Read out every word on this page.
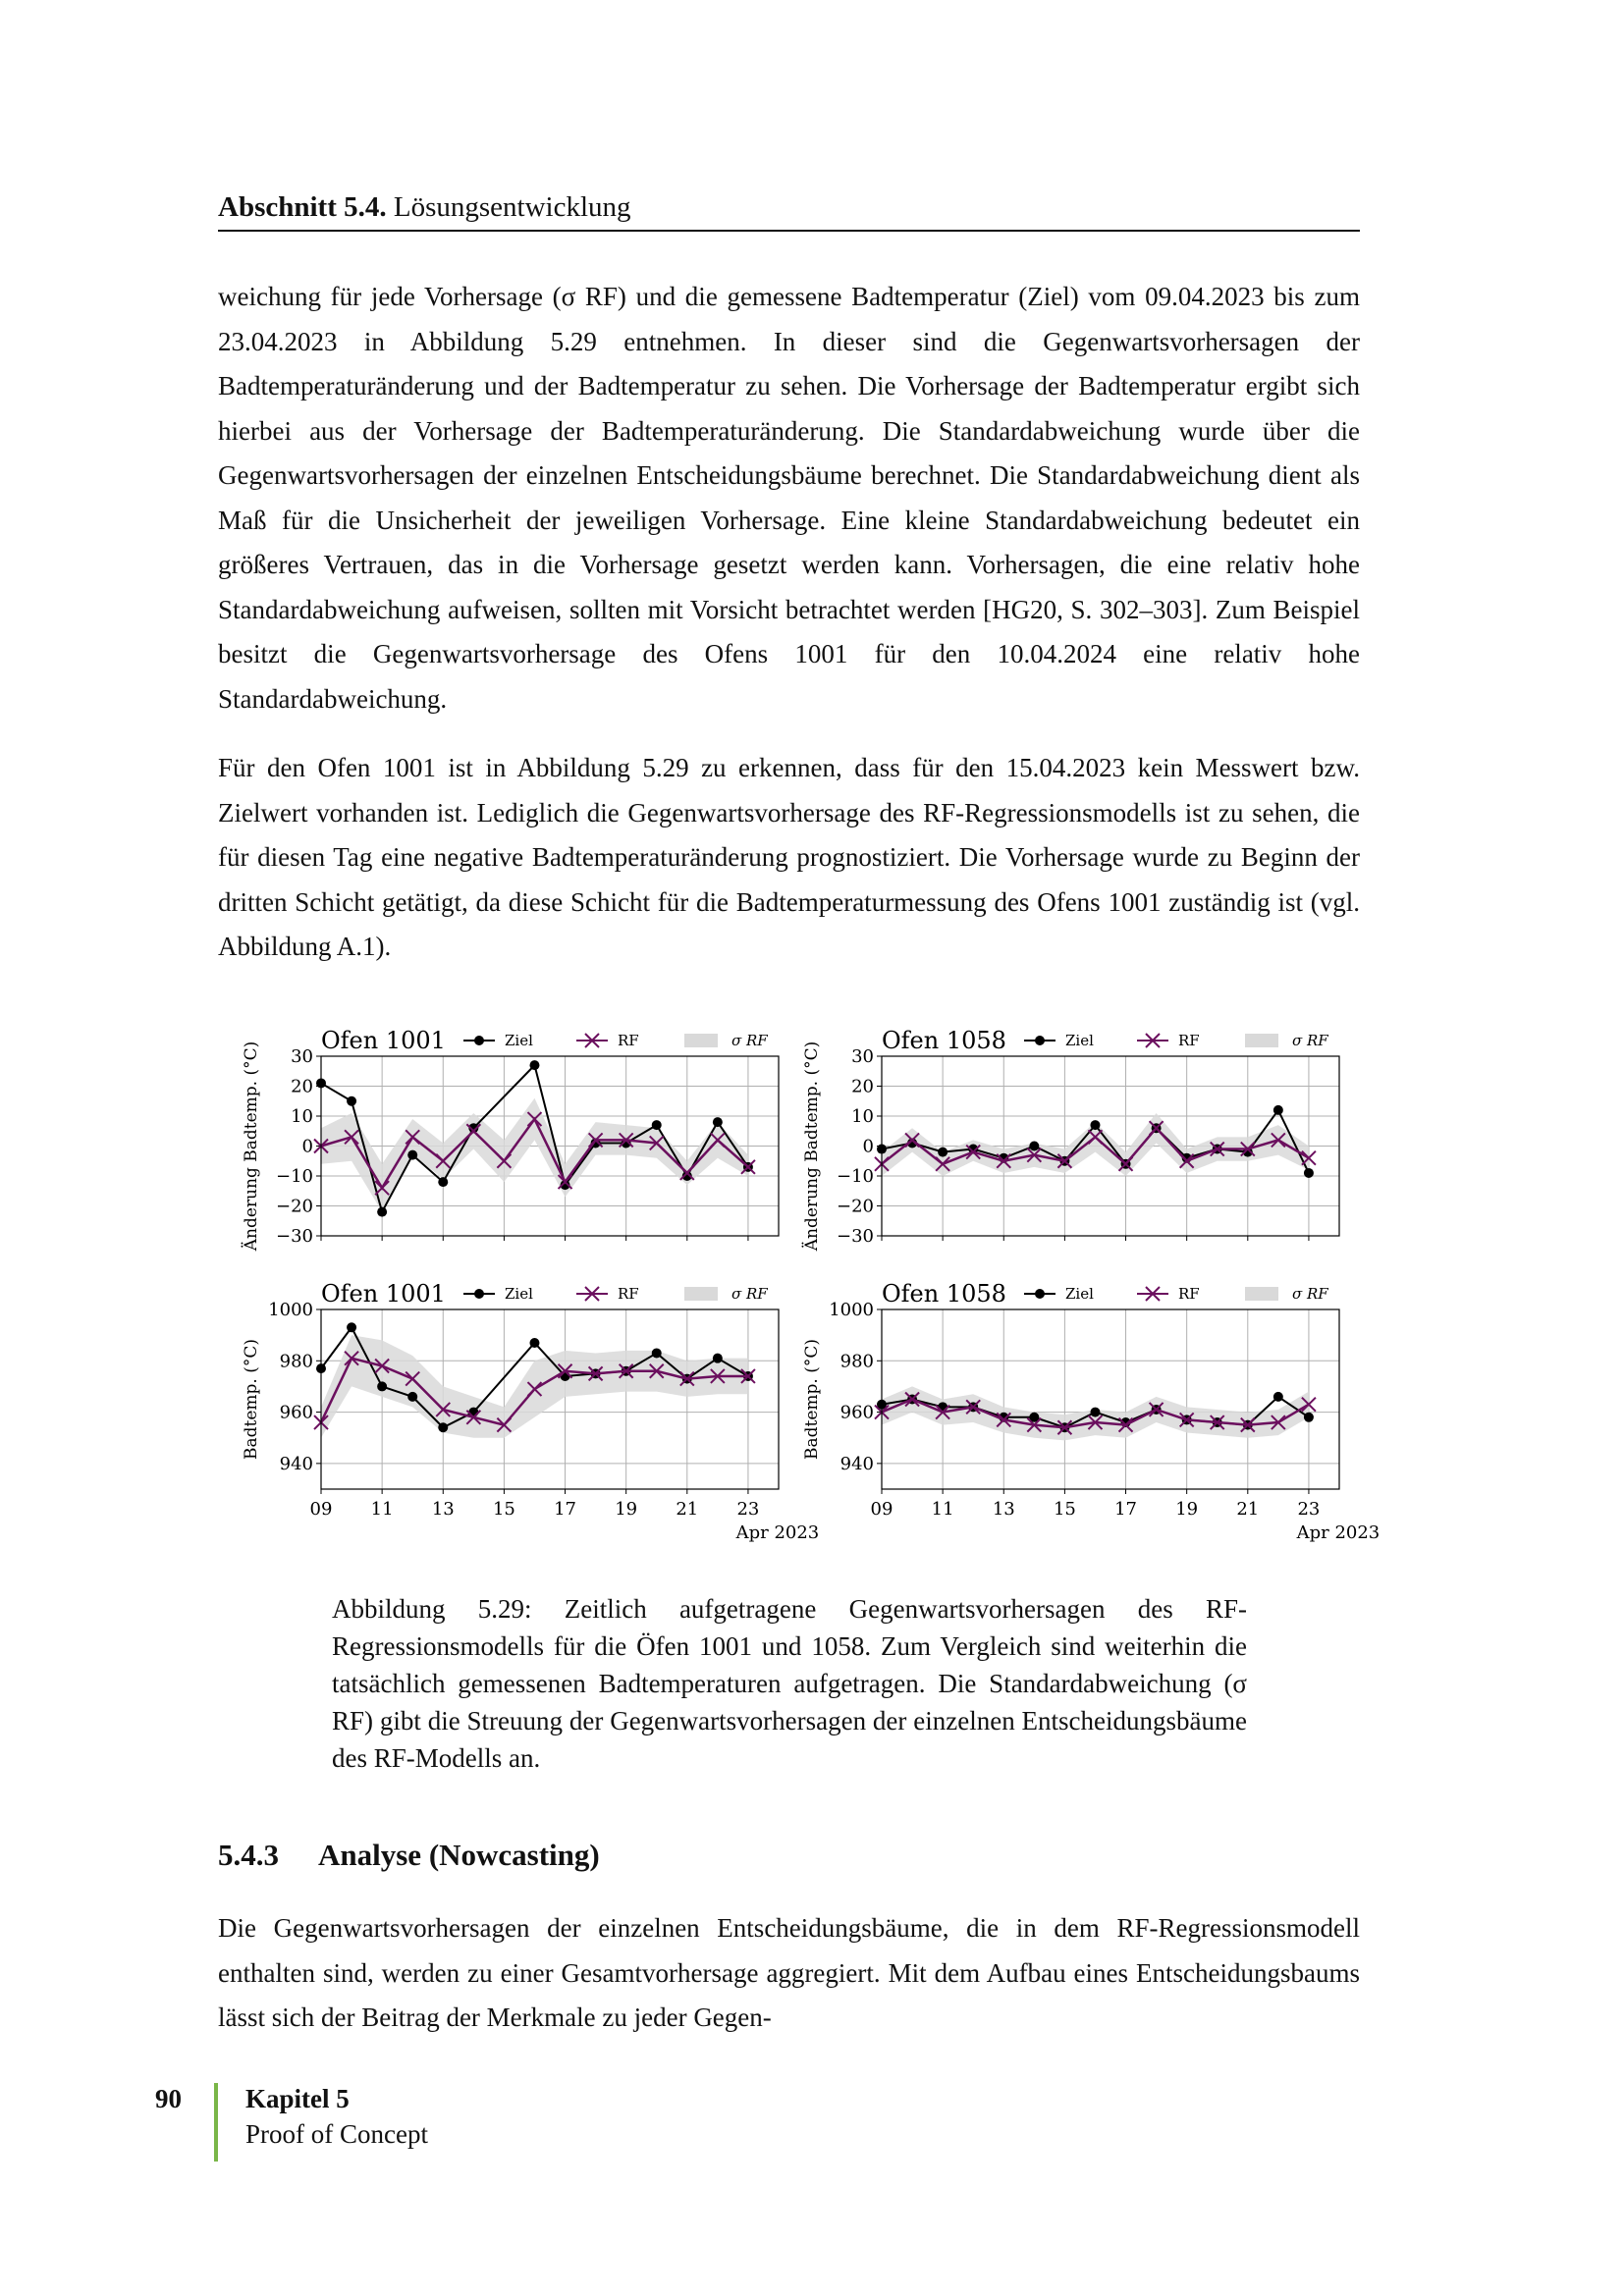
Abschnitt 5.4. Lösungsentwicklung

weichung für jede Vorhersage (σ RF) und die gemessene Badtemperatur (Ziel) vom 09.04.2023 bis zum 23.04.2023 in Abbildung 5.29 entnehmen. In dieser sind die Gegenwartsvorhersagen der Badtemperaturänderung und der Badtemperatur zu sehen. Die Vorhersage der Badtemperatur ergibt sich hierbei aus der Vorhersage der Badtemperaturänderung. Die Standardabweichung wurde über die Gegenwartsvorhersagen der einzelnen Entscheidungsbäume berechnet. Die Standardabweichung dient als Maß für die Unsicherheit der jeweiligen Vorhersage. Eine kleine Standardabweichung bedeutet ein größeres Vertrauen, das in die Vorhersage gesetzt werden kann. Vorhersagen, die eine relativ hohe Standardabweichung aufweisen, sollten mit Vorsicht betrachtet werden [HG20, S. 302–303]. Zum Beispiel besitzt die Gegenwartsvorhersage des Ofens 1001 für den 10.04.2024 eine relativ hohe Standardabweichung.

Für den Ofen 1001 ist in Abbildung 5.29 zu erkennen, dass für den 15.04.2023 kein Messwert bzw. Zielwert vorhanden ist. Lediglich die Gegenwartsvorhersage des RF-Regressionsmodells ist zu sehen, die für diesen Tag eine negative Badtemperaturänderung prognostiziert. Die Vorhersage wurde zu Beginn der dritten Schicht getätigt, da diese Schicht für die Badtemperaturmessung des Ofens 1001 zuständig ist (vgl. Abbildung A.1).

30
20
10
0
−10
−20
−30
Änderung Badtemp. (°C)
Ofen 1001	Ziel	RF	σ RF
30
20
10
0
−10
−20
−30
Änderung Badtemp. (°C)
Ofen 1058	Ziel	RF	σ RF
1000
980
960
940
09 11 13 15 17 19 21 23
Apr 2023
Badtemp. (°C)
Ofen 1001	Ziel	RF	σ RF
1000
980
960
940
09 11 13 15 17 19 21 23
Apr 2023
Badtemp. (°C)
Ofen 1058	Ziel	RF	σ RF

Abbildung 5.29: Zeitlich aufgetragene Gegenwartsvorhersagen des RF-Regressionsmodells für die Öfen 1001 und 1058. Zum Vergleich sind weiterhin die tatsächlich gemessenen Badtemperaturen aufgetragen. Die Standardabweichung (σ RF) gibt die Streuung der Gegenwartsvorhersagen der einzelnen Entscheidungsbäume des RF-Modells an.

5.4.3 Analyse (Nowcasting)

Die Gegenwartsvorhersagen der einzelnen Entscheidungsbäume, die in dem RF-Regressionsmodell enthalten sind, werden zu einer Gesamtvorhersage aggregiert. Mit dem Aufbau eines Entscheidungsbaums lässt sich der Beitrag der Merkmale zu jeder Gegen-

90 Kapitel 5
Proof of Concept
